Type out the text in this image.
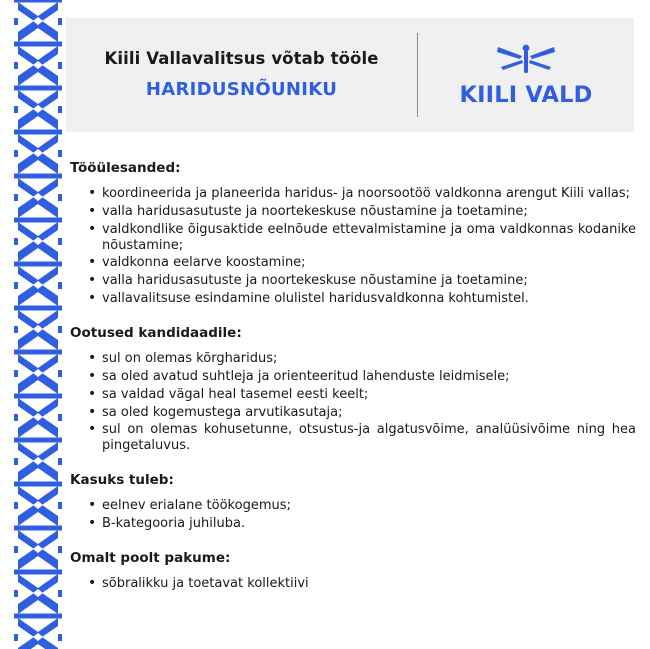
Kiili Vallavalitsus võtab tööle
HARIDUSNÕUNIKU	KIILI VALD
Tööülesanded:
• koordineerida ja planeerida haridus- ja noorsootöö valdkonna arengut Kiili vallas;
• valla haridusasutuste ja noortekeskuse nõustamine ja toetamine;
• valdkondlike õigusaktide eelnõude ettevalmistamine ja oma valdkonnas kodanike nõustamine;
• valdkonna eelarve koostamine;
• valla haridusasutuste ja noortekeskuse nõustamine ja toetamine;
• vallavalitsuse esindamine olulistel haridusvaldkonna kohtumistel.
Ootused kandidaadile:
• sul on olemas kõrgharidus;
• sa oled avatud suhtleja ja orienteeritud lahenduste leidmisele;
• sa valdad vägal heal tasemel eesti keelt;
• sa oled kogemustega arvutikasutaja;
• sul on olemas kohusetunne, otsustus-ja algatusvõime, analüüsivõime ning hea pingetaluvus.
Kasuks tuleb:
• eelnev erialane töökogemus;
• B-kategooria juhiluba.
Omalt poolt pakume:
• sõbralikku ja toetavat kollektiivi
